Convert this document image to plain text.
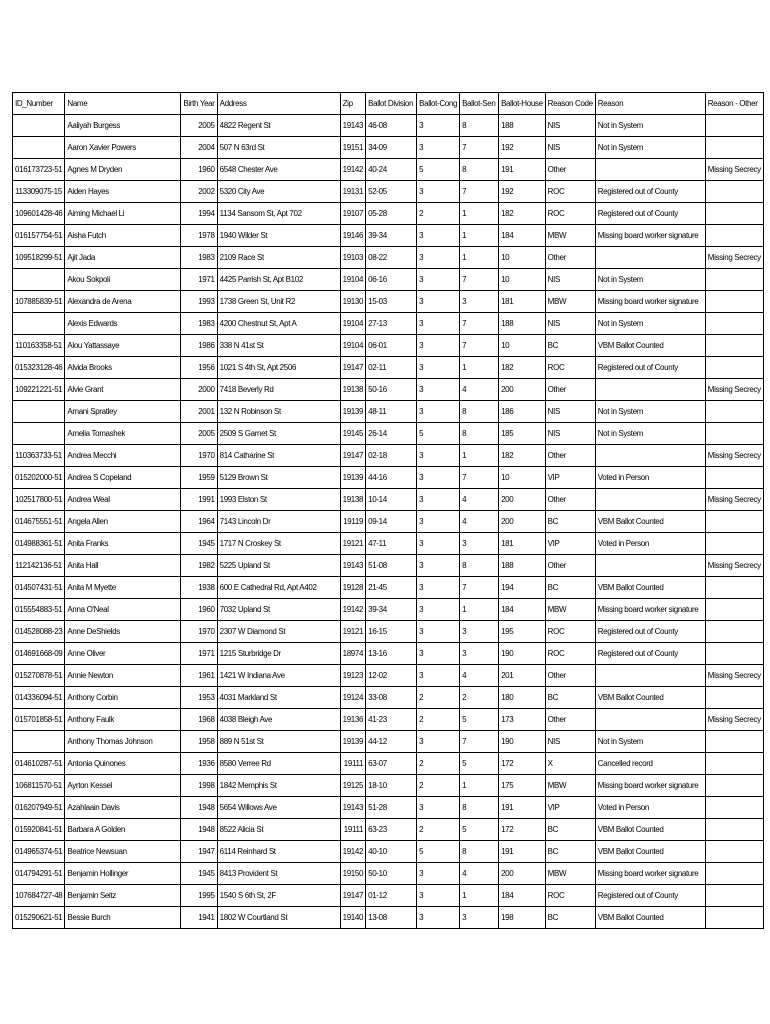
ID_Number	Name	Birth Year	Address	Zip	Ballot Division	Ballot-Cong	Ballot-Sen	Ballot-House	Reason Code	Reason	Reason - Other
	Aaliyah Burgess	2005	4822 Regent St	19143	46-08	3	8	188	NIS	Not in System	
	Aaron Xavier Powers	2004	507 N 63rd St	19151	34-09	3	7	192	NIS	Not in System	
016173723-51	Agnes M Dryden	1960	6548 Chester Ave	19142	40-24	5	8	191	Other		Missing Secrecy
113309075-15	Aiden Hayes	2002	5320 City Ave	19131	52-05	3	7	192	ROC	Registered out of County	
109601428-46	Aiming Michael Li	1994	1134 Sansom St, Apt 702	19107	05-28	2	1	182	ROC	Registered out of County	
016157754-51	Aisha Futch	1978	1940 Wilder St	19146	39-34	3	1	184	MBW	Missing board worker signature	
109518299-51	Ajit Jada	1983	2109 Race St	19103	08-22	3	1	10	Other		Missing Secrecy
	Akou Sokpoli	1971	4425 Parrish St, Apt B102	19104	06-16	3	7	10	NIS	Not in System	
107885839-51	Alexandra de Arena	1993	1738 Green St, Unit R2	19130	15-03	3	3	181	MBW	Missing board worker signature	
	Alexis Edwards	1983	4200 Chestnut St, Apt A	19104	27-13	3	7	188	NIS	Not in System	
110163358-51	Alou Yattassaye	1986	338 N 41st St	19104	06-01	3	7	10	BC	VBM Ballot Counted	
015323128-46	Alvida Brooks	1956	1021 S 4th St, Apt 2506	19147	02-11	3	1	182	ROC	Registered out of County	
109221221-51	Alvie Grant	2000	7418 Beverly Rd	19138	50-16	3	4	200	Other		Missing Secrecy
	Amani Spratley	2001	132 N Robinson St	19139	48-11	3	8	186	NIS	Not in System	
	Amelia Tomashek	2005	2509 S Garnet St	19145	26-14	5	8	185	NIS	Not in System	
110363733-51	Andrea Mecchi	1970	814 Catharine St	19147	02-18	3	1	182	Other		Missing Secrecy
015202000-51	Andrea S Copeland	1959	5129 Brown St	19139	44-16	3	7	10	VIP	Voted in Person	
102517800-51	Andrea Weal	1991	1993 Elston St	19138	10-14	3	4	200	Other		Missing Secrecy
014675551-51	Angela Allen	1964	7143 Lincoln Dr	19119	09-14	3	4	200	BC	VBM Ballot Counted	
014988361-51	Anita Franks	1945	1717 N Croskey St	19121	47-11	3	3	181	VIP	Voted in Person	
112142136-51	Anita Hall	1982	5225 Upland St	19143	51-08	3	8	188	Other		Missing Secrecy
014507431-51	Anita M Myette	1938	600 E Cathedral Rd, Apt A402	19128	21-45	3	7	194	BC	VBM Ballot Counted	
015554883-51	Anna O'Neal	1960	7032 Upland St	19142	39-34	3	1	184	MBW	Missing board worker signature	
014528088-23	Anne DeShields	1970	2307 W Diamond St	19121	16-15	3	3	195	ROC	Registered out of County	
014691668-09	Anne Oliver	1971	1215 Sturbridge Dr	18974	13-16	3	3	190	ROC	Registered out of County	
015270878-51	Annie Newton	1961	1421 W Indiana Ave	19123	12-02	3	4	201	Other		Missing Secrecy
014336094-51	Anthony Corbin	1953	4031 Markland St	19124	33-08	2	2	180	BC	VBM Ballot Counted	
015701858-51	Anthony Faulk	1968	4038 Bleigh Ave	19136	41-23	2	5	173	Other		Missing Secrecy
	Anthony Thomas Johnson	1958	889 N 51st St	19139	44-12	3	7	190	NIS	Not in System	
014610287-51	Antonia Quinones	1936	8580 Verree Rd	19111	63-07	2	5	172	X	Cancelled record	
106811570-51	Ayrton Kessel	1998	1842 Memphis St	19125	18-10	2	1	175	MBW	Missing board worker signature	
016207949-51	Azahlaain Davis	1948	5654 Willows Ave	19143	51-28	3	8	191	VIP	Voted in Person	
015920841-51	Barbara A Golden	1948	8522 Alicia St	19111	63-23	2	5	172	BC	VBM Ballot Counted	
014965374-51	Beatrice Newsuan	1947	6114 Reinhard St	19142	40-10	5	8	191	BC	VBM Ballot Counted	
014794291-51	Benjamin Hollinger	1945	8413 Provident St	19150	50-10	3	4	200	MBW	Missing board worker signature	
107684727-48	Benjamin Seitz	1995	1540 S 6th St, 2F	19147	01-12	3	1	184	ROC	Registered out of County	
015290621-51	Bessie Burch	1941	1802 W Courtland St	19140	13-08	3	3	198	BC	VBM Ballot Counted	
